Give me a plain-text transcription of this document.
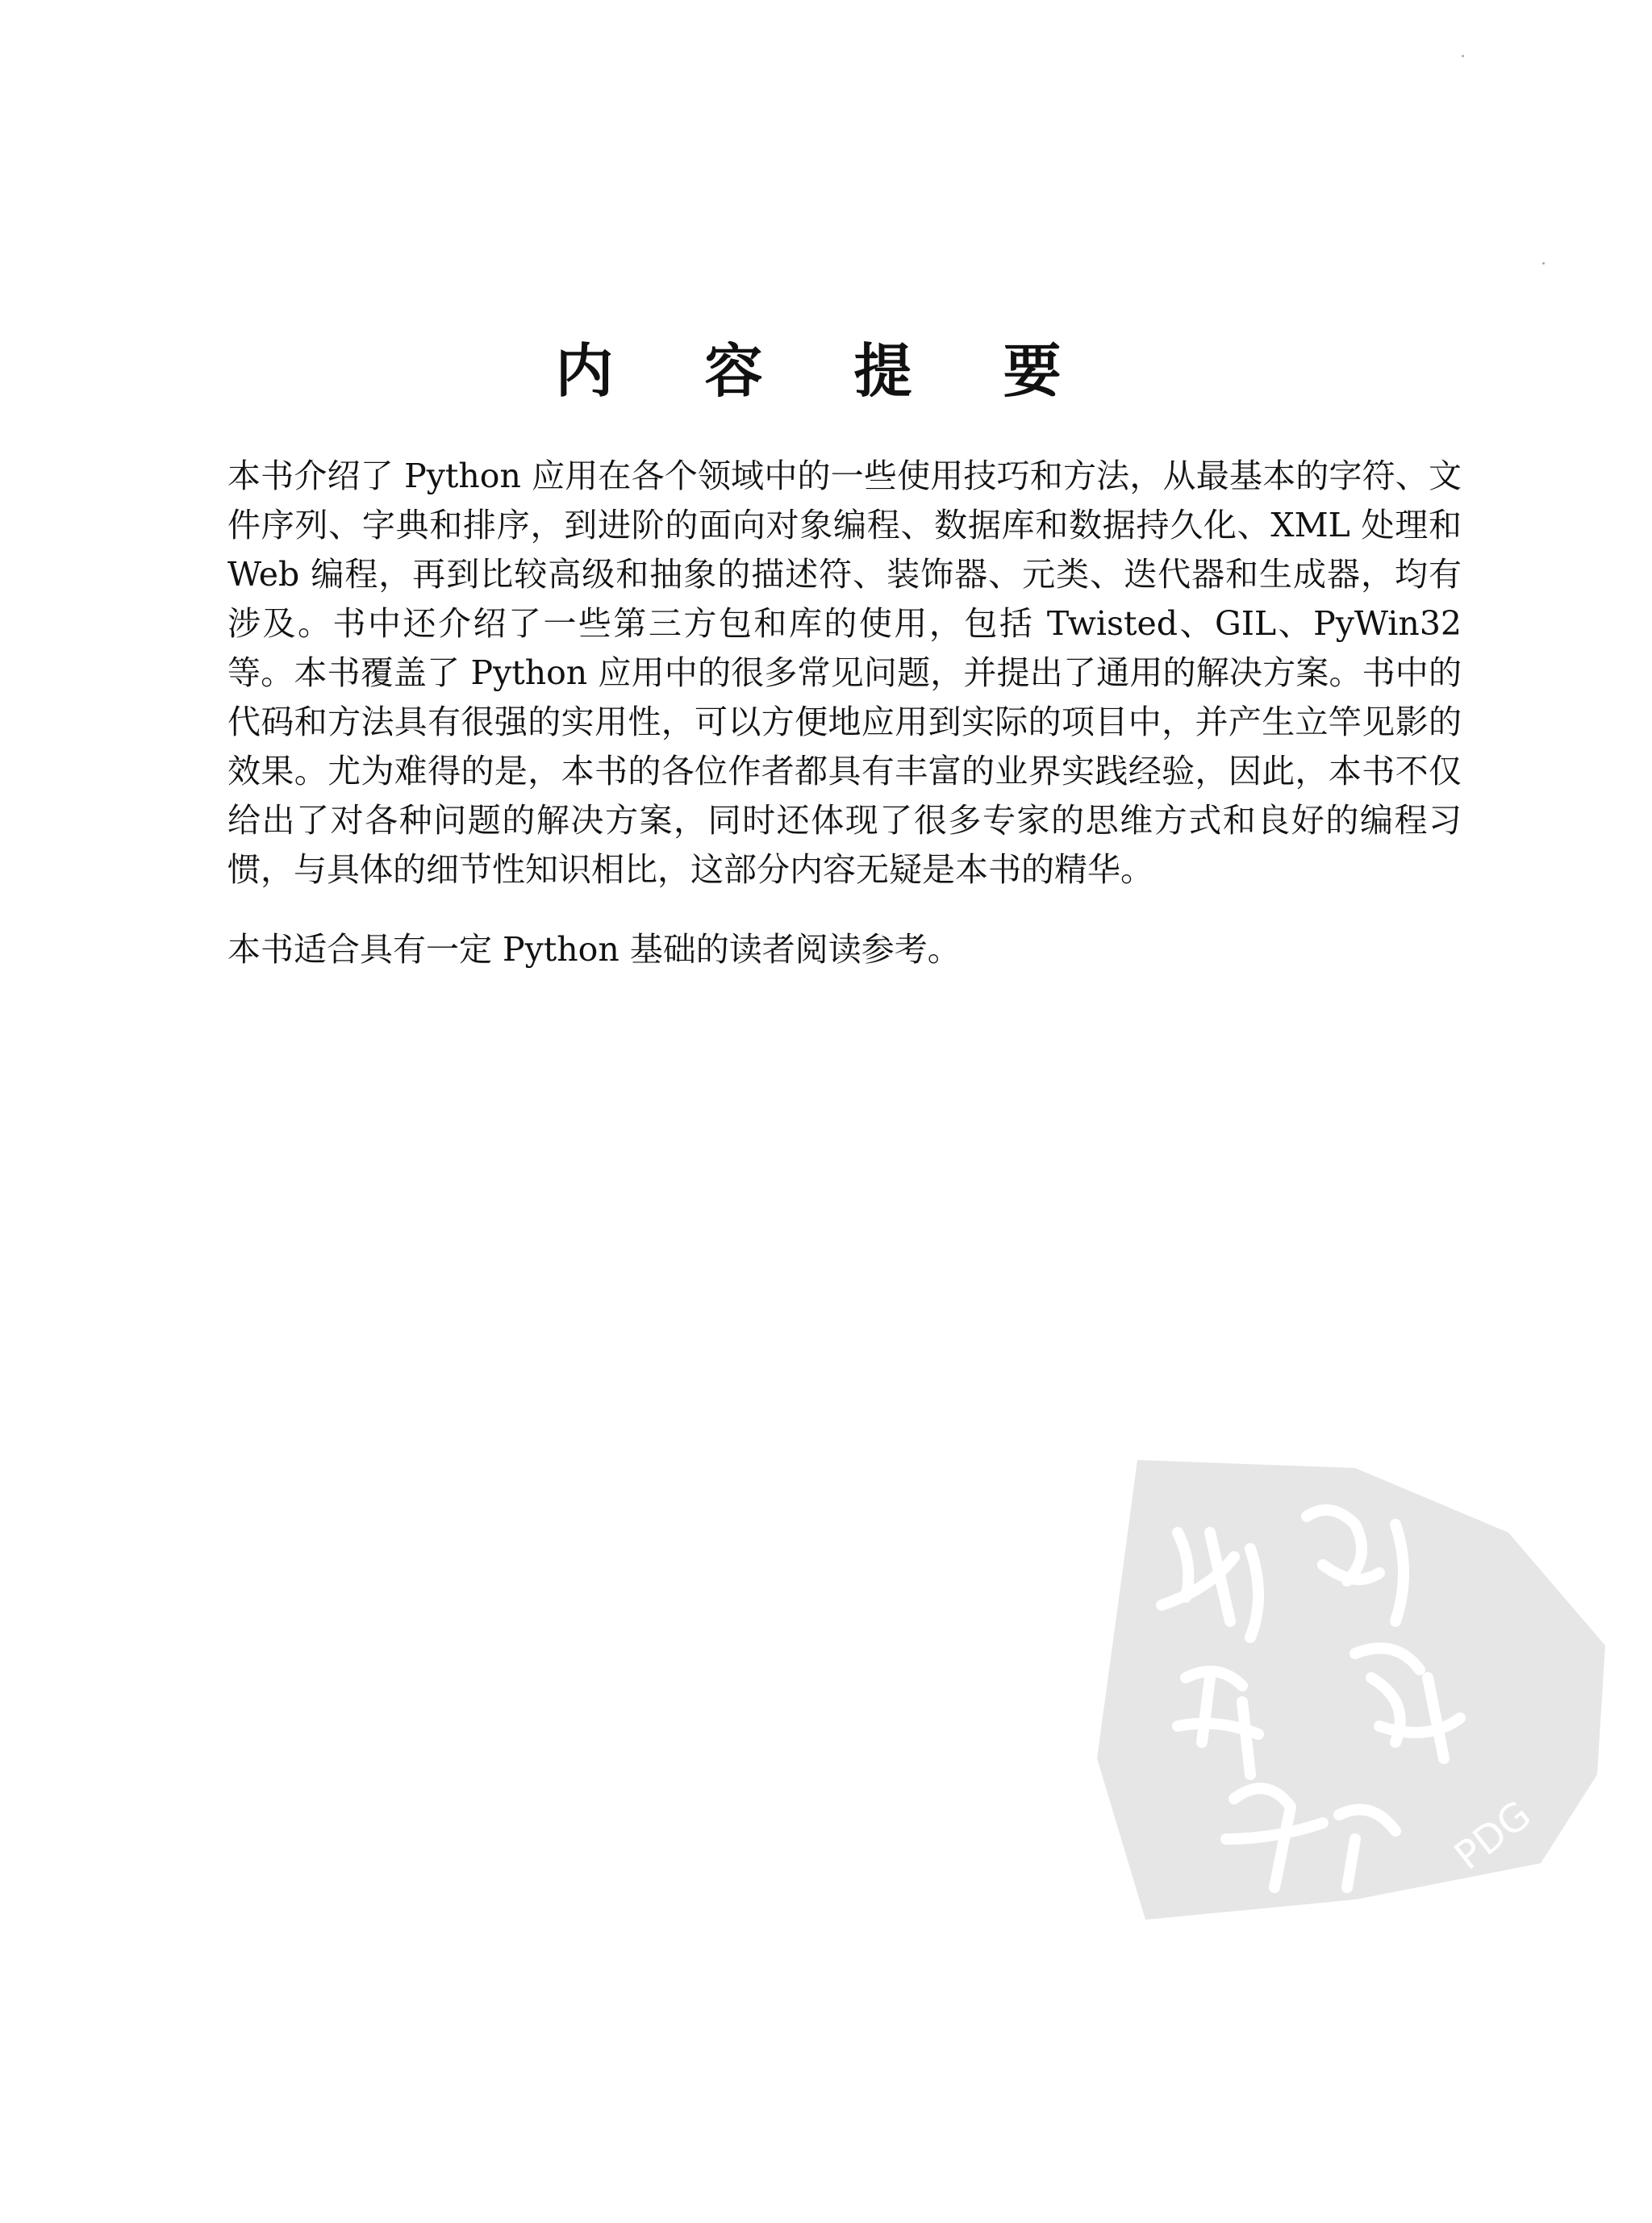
内 容 提 要

本书介绍了 Python 应用在各个领域中的一些使用技巧和方法，从最基本的字符、文件序列、字典和排序，到进阶的面向对象编程、数据库和数据持久化、XML 处理和 Web 编程，再到比较高级和抽象的描述符、装饰器、元类、迭代器和生成器，均有涉及。书中还介绍了一些第三方包和库的使用，包括 Twisted、GIL、PyWin32 等。本书覆盖了 Python 应用中的很多常见问题，并提出了通用的解决方案。书中的代码和方法具有很强的实用性，可以方便地应用到实际的项目中，并产生立竿见影的效果。尤为难得的是，本书的各位作者都具有丰富的业界实践经验，因此，本书不仅给出了对各种问题的解决方案，同时还体现了很多专家的思维方式和良好的编程习惯，与具体的细节性知识相比，这部分内容无疑是本书的精华。

本书适合具有一定 Python 基础的读者阅读参考。

PDG
